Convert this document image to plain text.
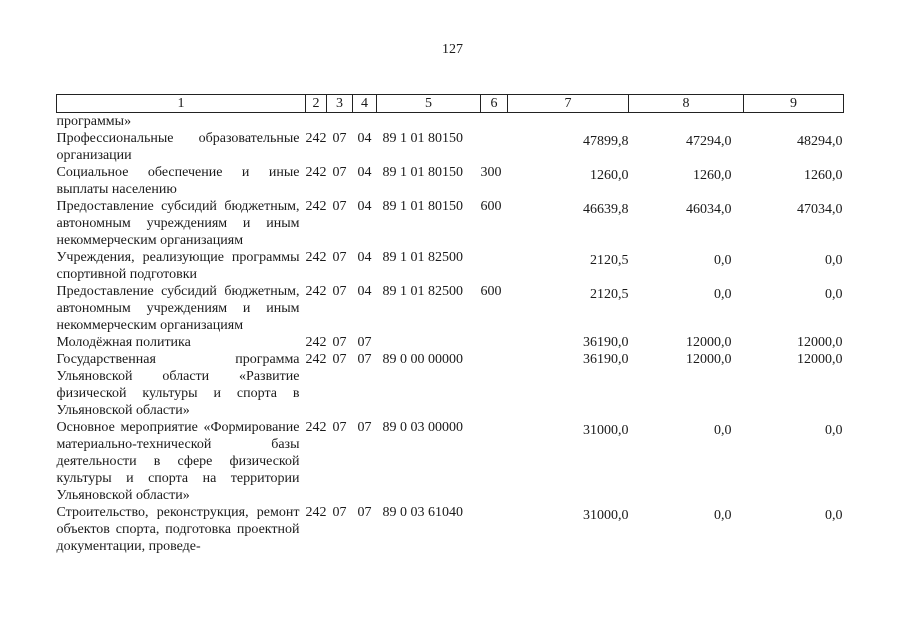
127
1	2	3	4	5	6	7	8	9
программы»								
Профессиональные образовательные организации	242	07	04	89 1 01 80150		47899,8	47294,0	48294,0
Социальное обеспечение и иные выплаты населению	242	07	04	89 1 01 80150	300	1260,0	1260,0	1260,0
Предоставление субсидий бюджетным, автономным учреждениям и иным некоммерческим организациям	242	07	04	89 1 01 80150	600	46639,8	46034,0	47034,0
Учреждения, реализующие программы спортивной подготовки	242	07	04	89 1 01 82500		2120,5	0,0	0,0
Предоставление субсидий бюджетным, автономным учреждениям и иным некоммерческим организациям	242	07	04	89 1 01 82500	600	2120,5	0,0	0,0
Молодёжная политика	242	07	07			36190,0	12000,0	12000,0
Государственная программа Ульяновской области «Развитие физической культуры и спорта в Ульяновской области»	242	07	07	89 0 00 00000		36190,0	12000,0	12000,0
Основное мероприятие «Формирование материально-технической базы деятельности в сфере физической культуры и спорта на территории Ульяновской области»	242	07	07	89 0 03 00000		31000,0	0,0	0,0
Строительство, реконструкция, ремонт объектов спорта, подготовка проектной документации, проведе-	242	07	07	89 0 03 61040		31000,0	0,0	0,0
